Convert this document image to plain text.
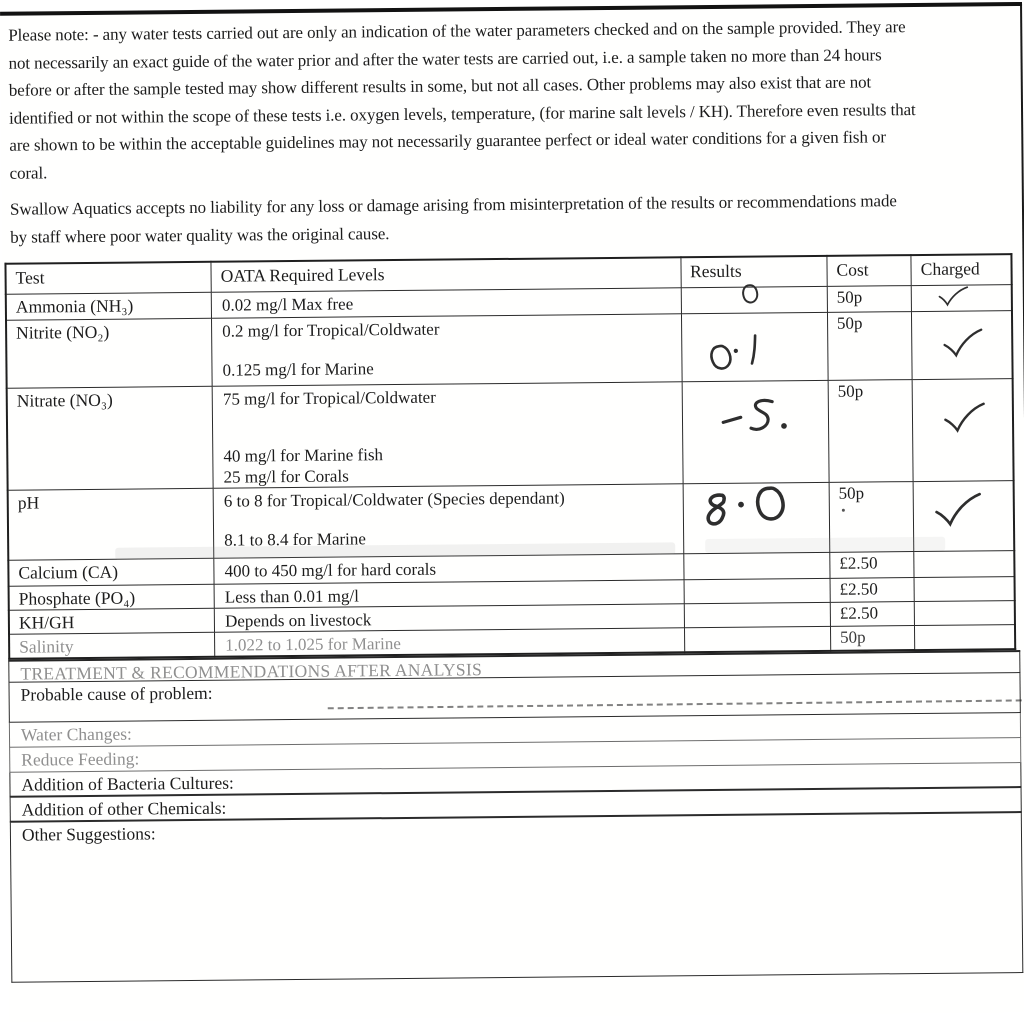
Please note: - any water tests carried out are only an indication of the water parameters checked and on the sample provided. They are
not necessarily an exact guide of the water prior and after the water tests are carried out, i.e. a sample taken no more than 24 hours
before or after the sample tested may show different results in some, but not all cases. Other problems may also exist that are not
identified or not within the scope of these tests i.e. oxygen levels, temperature, (for marine salt levels / KH). Therefore even results that
are shown to be within the acceptable guidelines may not necessarily guarantee perfect or ideal water conditions for a given fish or
coral.
Swallow Aquatics accepts no liability for any loss or damage arising from misinterpretation of the results or recommendations made
by staff where poor water quality was the original cause.
Test	OATA Required Levels	Results	Cost	Charged
Ammonia (NH₃)	0.02 mg/l Max free		50p	

Nitrite (NO₂)	0.2 mg/l for Tropical/Coldwater
0.125 mg/l for Marine		50p	

Nitrate (NO₃)	75 mg/l for Tropical/Coldwater
40 mg/l for Marine fish
25 mg/l for Corals		50p	

pH	6 to 8 for Tropical/Coldwater (Species dependant)
8.1 to 8.4 for Marine		50p

Calcium (CA)	400 to 450 mg/l for hard corals		£2.50	
Phosphate (PO₄)	Less than 0.01 mg/l		£2.50	
KH/GH	Depends on livestock		£2.50	
Salinity	1.022 to 1.025 for Marine		50p	
TREATMENT & RECOMMENDATIONS AFTER ANALYSIS
Probable cause of problem:
Water Changes:
Reduce Feeding:
Addition of Bacteria Cultures:
Addition of other Chemicals:
Other Suggestions:
